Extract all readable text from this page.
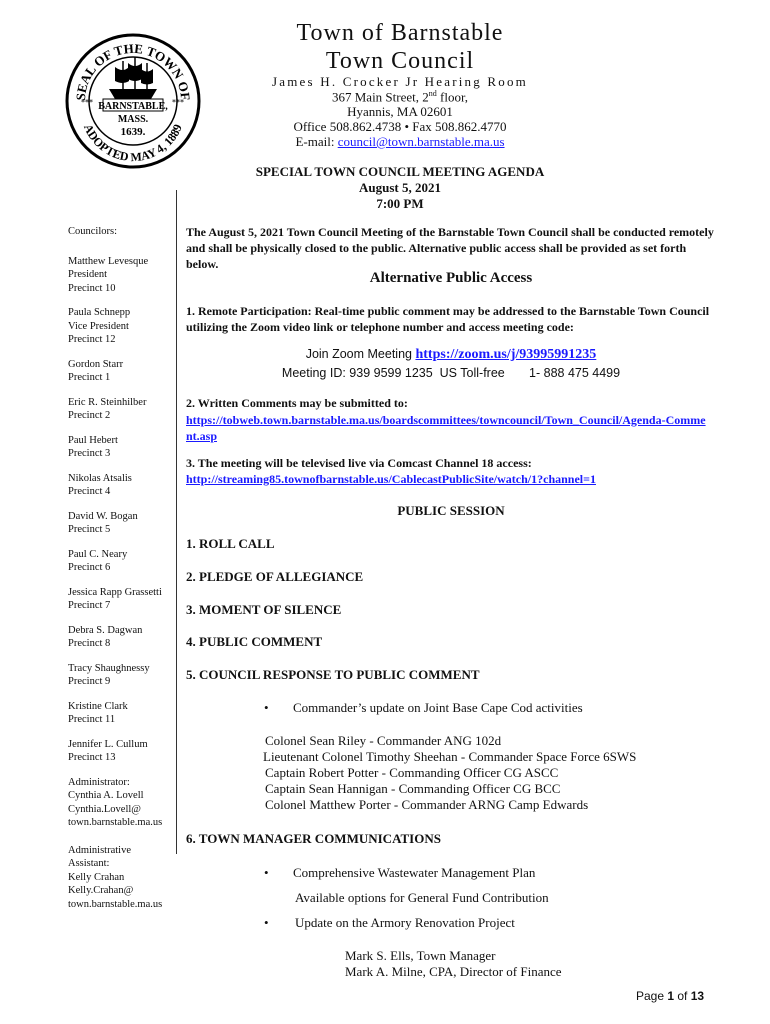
SEAL OF THE TOWN OF
ADOPTED MAY 4, 1889
BARNSTABLE,
MASS.
1639.
***	***
Town of Barnstable
Town Council
James H. Crocker Jr Hearing Room
367 Main Street, 2nd floor,
Hyannis, MA 02601
Office 508.862.4738 • Fax 508.862.4770
E-mail: council@town.barnstable.ma.us
SPECIAL TOWN COUNCIL MEETING AGENDA
August 5, 2021
7:00 PM
Councilors:
Matthew Levesque
President
Precinct 10
Paula Schnepp
Vice President
Precinct 12
Gordon Starr
Precinct 1
Eric R. Steinhilber
Precinct 2
Paul Hebert
Precinct 3
Nikolas Atsalis
Precinct 4
David W. Bogan
Precinct 5
Paul C. Neary
Precinct 6
Jessica Rapp Grassetti
Precinct 7
Debra S. Dagwan
Precinct 8
Tracy Shaughnessy
Precinct 9
Kristine Clark
Precinct 11
Jennifer L. Cullum
Precinct 13
Administrator:
Cynthia A. Lovell
Cynthia.Lovell@
town.barnstable.ma.us
Administrative
Assistant:
Kelly Crahan
Kelly.Crahan@
town.barnstable.ma.us
The August 5, 2021 Town Council Meeting of the Barnstable Town Council shall be conducted remotely and shall be physically closed to the public. Alternative public access shall be provided as set forth below.
Alternative Public Access
1. Remote Participation: Real-time public comment may be addressed to the Barnstable Town Council utilizing the Zoom video link or telephone number and access meeting code:
Join Zoom Meeting https://zoom.us/j/93995991235
Meeting ID: 939 9599 1235  US Toll-free       1- 888 475 4499
2. Written Comments may be submitted to:
https://tobweb.town.barnstable.ma.us/boardscommittees/towncouncil/Town_Council/Agenda-Comment.asp
3. The meeting will be televised live via Comcast Channel 18 access:
http://streaming85.townofbarnstable.us/CablecastPublicSite/watch/1?channel=1
PUBLIC SESSION
1. ROLL CALL
2. PLEDGE OF ALLEGIANCE
3. MOMENT OF SILENCE
4. PUBLIC COMMENT
5. COUNCIL RESPONSE TO PUBLIC COMMENT
• Commander’s update on Joint Base Cape Cod activities
Colonel Sean Riley - Commander ANG 102d
Lieutenant Colonel Timothy Sheehan - Commander Space Force 6SWS
Captain Robert Potter - Commanding Officer CG ASCC
Captain Sean Hannigan - Commanding Officer CG BCC
Colonel Matthew Porter - Commander ARNG Camp Edwards
6. TOWN MANAGER COMMUNICATIONS
• Comprehensive Wastewater Management Plan
Available options for General Fund Contribution
• Update on the Armory Renovation Project
Mark S. Ells, Town Manager
Mark A. Milne, CPA, Director of Finance
Page 1 of 13
